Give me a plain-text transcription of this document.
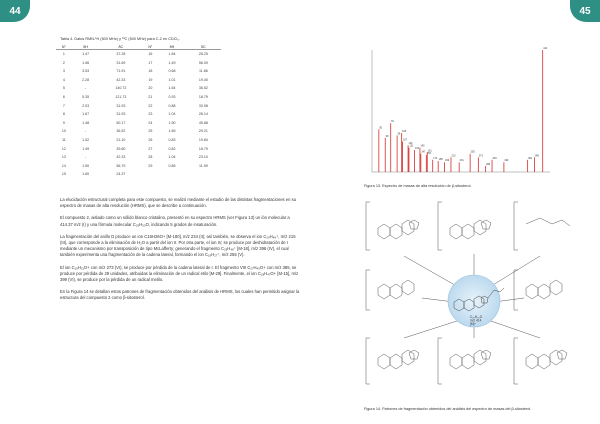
44	45
Tabla 4. Datos RMN-¹H (500 MHz) y ¹³C (500 MHz) para C-2 en CDCl₃.
N°	δH	δC	N°	δH	δC
1	1.47	37.28	16	1.84	28.25
2	1.56	31.69	17	1.49	56.09
3	3.53	71.91	18	0.68	11.86
4	2.28	42.33	19	1.01	19.40
5	-	140.72	20	1.64	36.52
6	5.35	121.73	21	0.93	18.79
7	2.03	31.93	22	0.88	33.98
8	1.67	31.93	23	1.04	26.14
9	1.48	50.17	24	1.50	45.88
10	-	36.52	25	1.65	29.21
11	1.52	21.10	26	0.83	19.84
12	1.49	39.80	27	0.82	18.79
13	-	42.33	28	1.04	23.10
14	1.50	56.79	29	0.85	11.99
15	1.60	24.37			
55
69
81
95
105
107
119
121
133
145
147 159
161
173 185 199
213
231
255
273
289
303
329
381
396
414
Figura 13. Espectro de masas de alta resolución de β-sitosterol.

La elucidación estructural completa para este compuesto, se realizó mediante el estudio de las distintas fragmentaciones en su espectro de masas de alta resolución (HRMS), que se describe a continuación.

El compuesto 2, aislado como un sólido blanco cristalino, presentó en su espectro HRMS (ver Figura 13) un ión molecular a 414.37 m/z (I) y una fórmula molecular C₂₉H₅₀O, indicando 5 grados de insaturación.

La fragmentación del anillo D produce un ion C16H26O+ [M-180], m/z 234 (II); así también, se observa el ion C₂₉H₄₈⁺, m/z 215 (III), que corresponde a la eliminación de H₂O a partir del ion II. Por otra parte, el ion IV, se produce por deshidratación de I mediante un mecanismo por transposición de tipo McLafferty; generando el fragmento C₂₉H₄₈⁺ [M-18], m/z 396 (IV), el cual también experimenta una fragmentación de la cadena lateral, formando el ion C₁₉H₂₇⁺, m/z 255 (V).

El ion C₁₉H₃₁O+ con m/z 273 (VI), se produce por pérdida de la cadena lateral de I. El fragmento VIII C₂₇H₄₅O+ con m/z 385, se produce por pérdida de 29 unidades, atribuidas la eliminación de un radical etilo [M-29]. Finalmente, el ion C₂₈H₄₇O+ [M-15], m/z 399 (VI), se produce por la pérdida de un radical metilo.

En la Figura 14 se detallan estos patrones de fragmentación obtenidos del análisis de HRMS, los cuales han permitido asignar la estructura del compuesto 2 como β-sitosterol.

C₂₉H₅₀O m/z 414 [M]⁺
Figura 14. Patrones de fragmentación obtenidos del análisis del espectro de masas del β-sitosterol.
